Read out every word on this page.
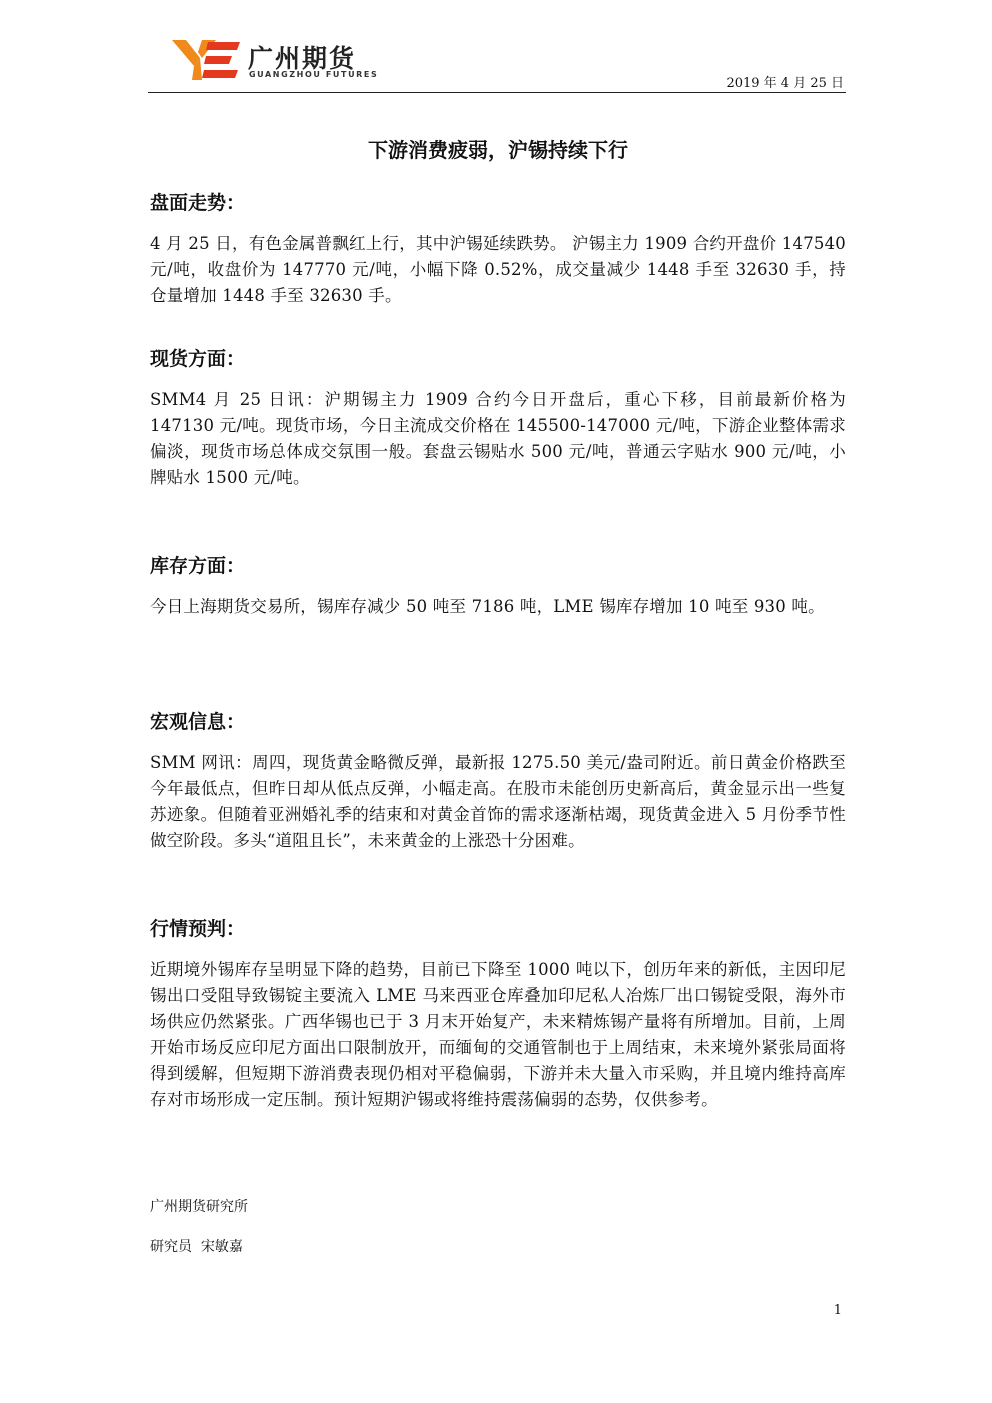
广州期货
GUANGZHOU FUTURES
2019 年 4 月 25 日
下游消费疲弱，沪锡持续下行
盘面走势：

4 月 25 日，有色金属普飘红上行，其中沪锡延续跌势。 沪锡主力 1909 合约开盘价 147540 元/吨，收盘价为 147770 元/吨，小幅下降 0.52%，成交量减少 1448 手至 32630 手，持仓量增加 1448 手至 32630 手。

现货方面：

SMM4 月 25 日讯：沪期锡主力 1909 合约今日开盘后，重心下移，目前最新价格为 147130 元/吨。现货市场，今日主流成交价格在 145500-147000 元/吨，下游企业整体需求偏淡，现货市场总体成交氛围一般。套盘云锡贴水 500 元/吨，普通云字贴水 900 元/吨，小牌贴水 1500 元/吨。

库存方面：

今日上海期货交易所，锡库存减少 50 吨至 7186 吨，LME 锡库存增加 10 吨至 930 吨。

宏观信息：

SMM 网讯：周四，现货黄金略微反弹，最新报 1275.50 美元/盎司附近。前日黄金价格跌至今年最低点，但昨日却从低点反弹，小幅走高。在股市未能创历史新高后，黄金显示出一些复苏迹象。但随着亚洲婚礼季的结束和对黄金首饰的需求逐渐枯竭，现货黄金进入 5 月份季节性做空阶段。多头“道阻且长”，未来黄金的上涨恐十分困难。

行情预判：

近期境外锡库存呈明显下降的趋势，目前已下降至 1000 吨以下，创历年来的新低，主因印尼锡出口受阻导致锡锭主要流入 LME 马来西亚仓库叠加印尼私人冶炼厂出口锡锭受限，海外市场供应仍然紧张。广西华锡也已于 3 月末开始复产，未来精炼锡产量将有所增加。目前，上周开始市场反应印尼方面出口限制放开，而缅甸的交通管制也于上周结束，未来境外紧张局面将得到缓解，但短期下游消费表现仍相对平稳偏弱，下游并未大量入市采购，并且境内维持高库存对市场形成一定压制。预计短期沪锡或将维持震荡偏弱的态势，仅供参考。

广州期货研究所
研究员  宋敏嘉
1
